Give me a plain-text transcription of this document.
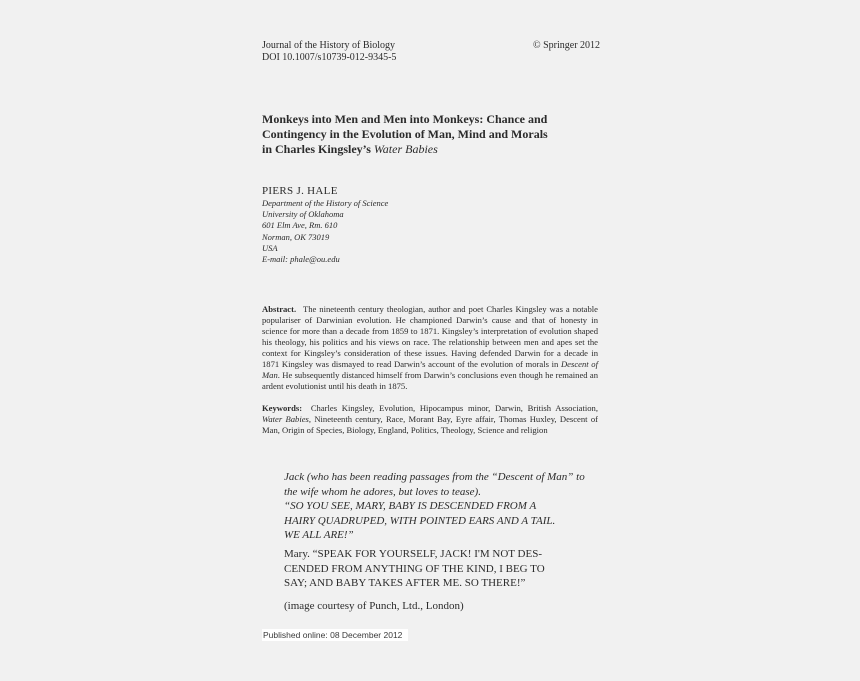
Journal of the History of Biology
DOI 10.1007/s10739-012-9345-5
© Springer 2012
Monkeys into Men and Men into Monkeys: Chance and
Contingency in the Evolution of Man, Mind and Morals
in Charles Kingsley’s Water Babies
PIERS J. HALE
Department of the History of Science
University of Oklahoma
601 Elm Ave, Rm. 610
Norman, OK 73019
USA
E-mail: phale@ou.edu
Abstract. The nineteenth century theologian, author and poet Charles Kingsley was a notable populariser of Darwinian evolution. He championed Darwin’s cause and that of honesty in science for more than a decade from 1859 to 1871. Kingsley’s interpretation of evolution shaped his theology, his politics and his views on race. The relationship between men and apes set the context for Kingsley’s consideration of these issues. Having defended Darwin for a decade in 1871 Kingsley was dismayed to read Darwin’s account of the evolution of morals in Descent of Man. He subsequently distanced himself from Darwin’s conclusions even though he remained an ardent evolutionist until his death in 1875.
Keywords: Charles Kingsley, Evolution, Hipocampus minor, Darwin, British Association, Water Babies, Nineteenth century, Race, Morant Bay, Eyre affair, Thomas Huxley, Descent of Man, Origin of Species, Biology, England, Politics, Theology, Science and religion
Jack (who has been reading passages from the “Descent of Man” to
the wife whom he adores, but loves to tease).
“SO YOU SEE, MARY, BABY IS DESCENDED FROM A
HAIRY QUADRUPED, WITH POINTED EARS AND A TAIL.
WE ALL ARE!”
Mary. “SPEAK FOR YOURSELF, JACK! I'M NOT DES-
CENDED FROM ANYTHING OF THE KIND, I BEG TO
SAY; AND BABY TAKES AFTER ME. SO THERE!”
(image courtesy of Punch, Ltd., London)
Published online: 08 December 2012
